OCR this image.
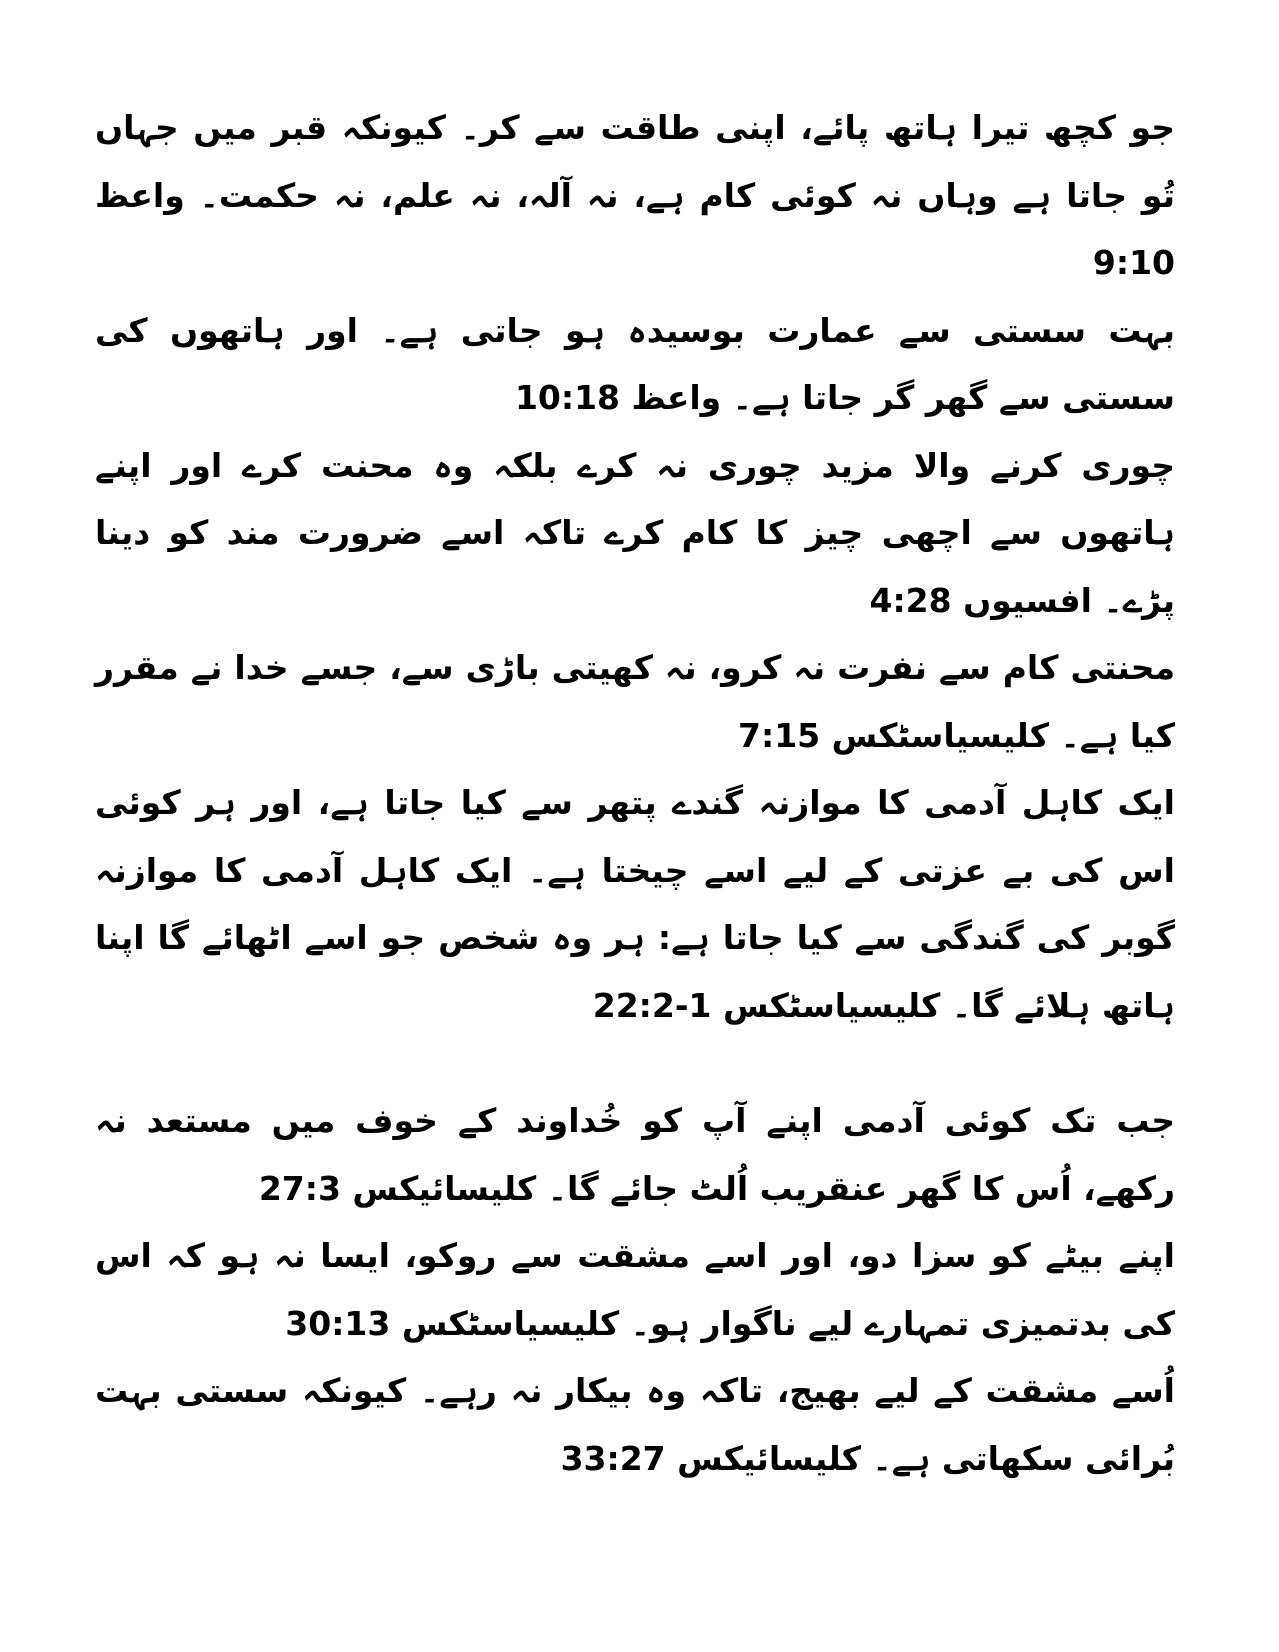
جو کچھ تیرا ہاتھ پائے، اپنی طاقت سے کر۔ کیونکہ قبر میں جہاں تُو جاتا ہے وہاں نہ کوئی کام ہے، نہ آلہ، نہ علم، نہ حکمت۔ واعظ 9:10

بہت سستی سے عمارت بوسیدہ ہو جاتی ہے۔ اور ہاتھوں کی سستی سے گھر گر جاتا ہے۔ واعظ 10:18

چوری کرنے والا مزید چوری نہ کرے بلکہ وہ محنت کرے اور اپنے ہاتھوں سے اچھی چیز کا کام کرے تاکہ اسے ضرورت مند کو دینا پڑے۔ افسیوں 4:28

محنتی کام سے نفرت نہ کرو، نہ کھیتی باڑی سے، جسے خدا نے مقرر کیا ہے۔ کلیسیاسٹکس 7:15

ایک کاہل آدمی کا موازنہ گندے پتھر سے کیا جاتا ہے، اور ہر کوئی اس کی بے عزتی کے لیے اسے چیختا ہے۔ ایک کاہل آدمی کا موازنہ گوبر کی گندگی سے کیا جاتا ہے: ہر وہ شخص جو اسے اٹھائے گا اپنا ہاتھ ہلائے گا۔ کلیسیاسٹکس 1-22:2

جب تک کوئی آدمی اپنے آپ کو خُداوند کے خوف میں مستعد نہ رکھے، اُس کا گھر عنقریب اُلٹ جائے گا۔ کلیسائیکس 27:3

اپنے بیٹے کو سزا دو، اور اسے مشقت سے روکو، ایسا نہ ہو کہ اس کی بدتمیزی تمہارے لیے ناگوار ہو۔ کلیسیاسٹکس 30:13

اُسے مشقت کے لیے بھیج، تاکہ وہ بیکار نہ رہے۔ کیونکہ سستی بہت بُرائی سکھاتی ہے۔ کلیسائیکس 33:27
